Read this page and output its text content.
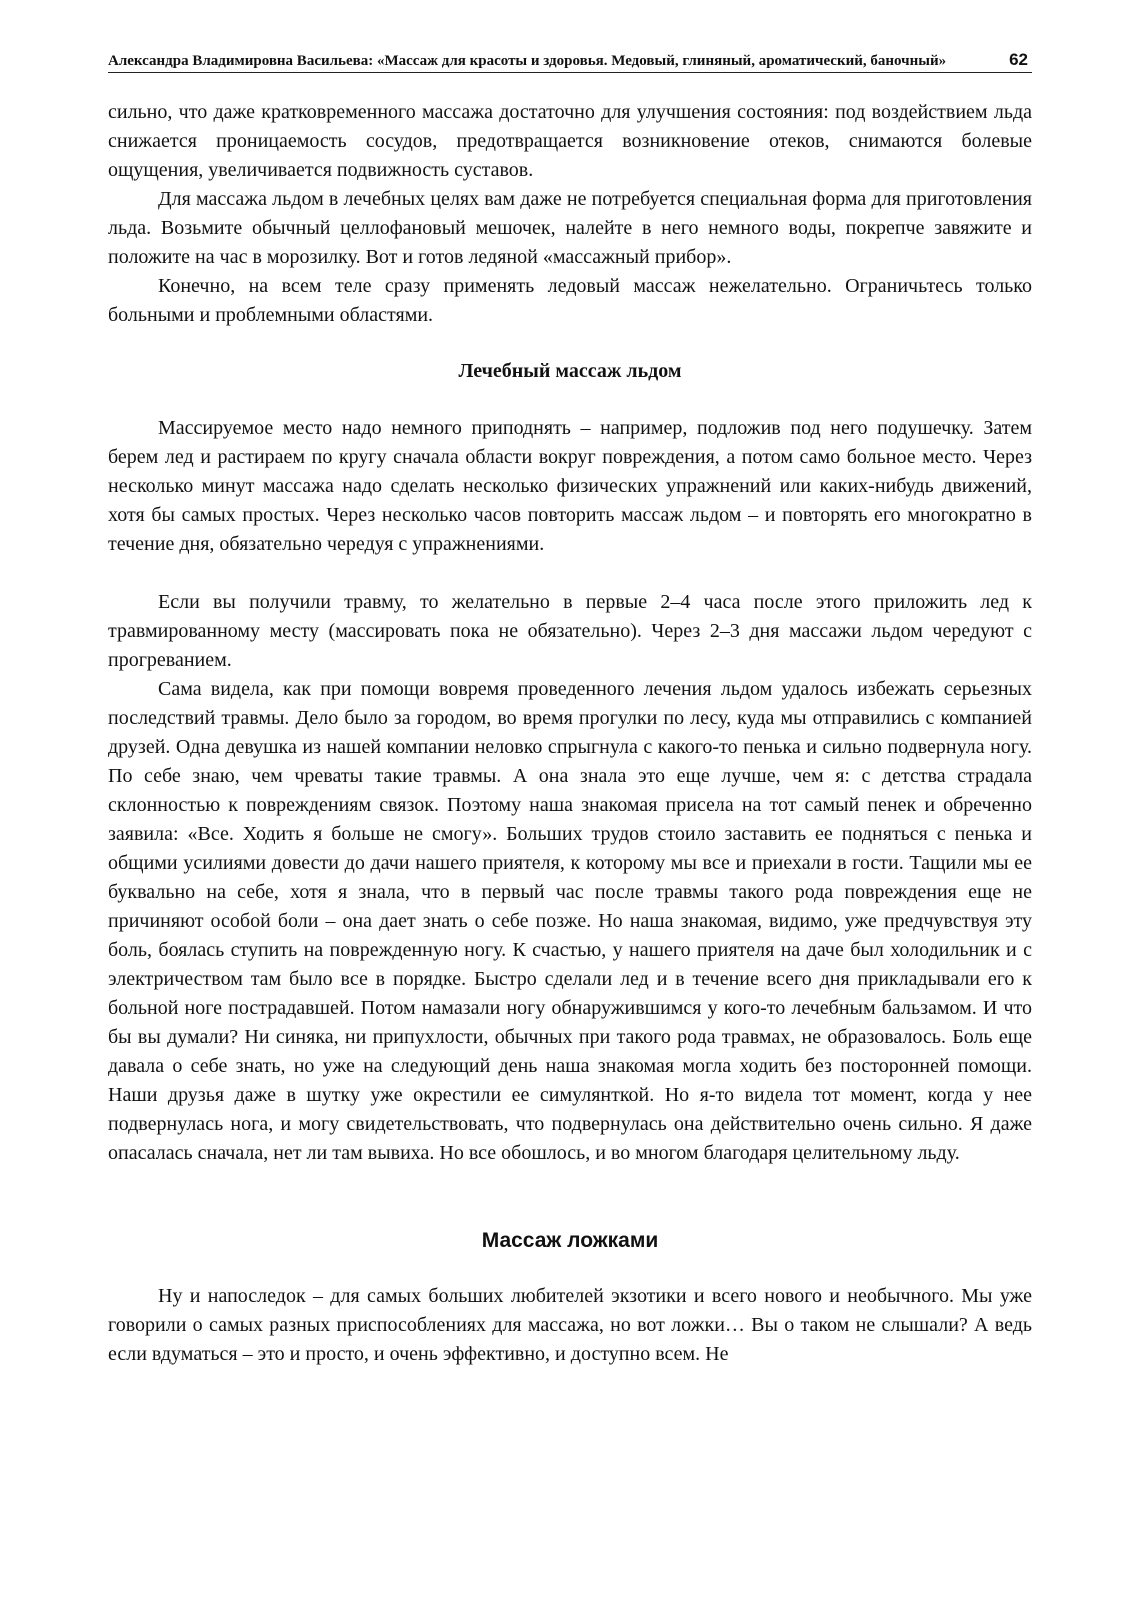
Александра Владимировна Васильева: «Массаж для красоты и здоровья. Медовый, глиняный, ароматический, баночный»	62

сильно, что даже кратковременного массажа достаточно для улучшения состояния: под воздействием льда снижается проницаемость сосудов, предотвращается возникновение отеков, снимаются болевые ощущения, увеличивается подвижность суставов.

Для массажа льдом в лечебных целях вам даже не потребуется специальная форма для приготовления льда. Возьмите обычный целлофановый мешочек, налейте в него немного воды, покрепче завяжите и положите на час в морозилку. Вот и готов ледяной «массажный прибор».

Конечно, на всем теле сразу применять ледовый массаж нежелательно. Ограничьтесь только больными и проблемными областями.

Лечебный массаж льдом

Массируемое место надо немного приподнять – например, подложив под него подушечку. Затем берем лед и растираем по кругу сначала области вокруг повреждения, а потом само больное место. Через несколько минут массажа надо сделать несколько физических упражнений или каких-нибудь движений, хотя бы самых простых. Через несколько часов повторить массаж льдом – и повторять его многократно в течение дня, обязательно чередуя с упражнениями.

Если вы получили травму, то желательно в первые 2–4 часа после этого приложить лед к травмированному месту (массировать пока не обязательно). Через 2–3 дня массажи льдом чередуют с прогреванием.

Сама видела, как при помощи вовремя проведенного лечения льдом удалось избежать серьезных последствий травмы. Дело было за городом, во время прогулки по лесу, куда мы отправились с компанией друзей. Одна девушка из нашей компании неловко спрыгнула с какого-то пенька и сильно подвернула ногу. По себе знаю, чем чреваты такие травмы. А она знала это еще лучше, чем я: с детства страдала склонностью к повреждениям связок. Поэтому наша знакомая присела на тот самый пенек и обреченно заявила: «Все. Ходить я больше не смогу». Больших трудов стоило заставить ее подняться с пенька и общими усилиями довести до дачи нашего приятеля, к которому мы все и приехали в гости. Тащили мы ее буквально на себе, хотя я знала, что в первый час после травмы такого рода повреждения еще не причиняют особой боли – она дает знать о себе позже. Но наша знакомая, видимо, уже предчувствуя эту боль, боялась ступить на поврежденную ногу. К счастью, у нашего приятеля на даче был холодильник и с электричеством там было все в порядке. Быстро сделали лед и в течение всего дня прикладывали его к больной ноге пострадавшей. Потом намазали ногу обнаружившимся у кого-то лечебным бальзамом. И что бы вы думали? Ни синяка, ни припухлости, обычных при такого рода травмах, не образовалось. Боль еще давала о себе знать, но уже на следующий день наша знакомая могла ходить без посторонней помощи. Наши друзья даже в шутку уже окрестили ее симулянткой. Но я-то видела тот момент, когда у нее подвернулась нога, и могу свидетельствовать, что подвернулась она действительно очень сильно. Я даже опасалась сначала, нет ли там вывиха. Но все обошлось, и во многом благодаря целительному льду.

Массаж ложками

Ну и напоследок – для самых больших любителей экзотики и всего нового и необычного. Мы уже говорили о самых разных приспособлениях для массажа, но вот ложки… Вы о таком не слышали? А ведь если вдуматься – это и просто, и очень эффективно, и доступно всем. Не
